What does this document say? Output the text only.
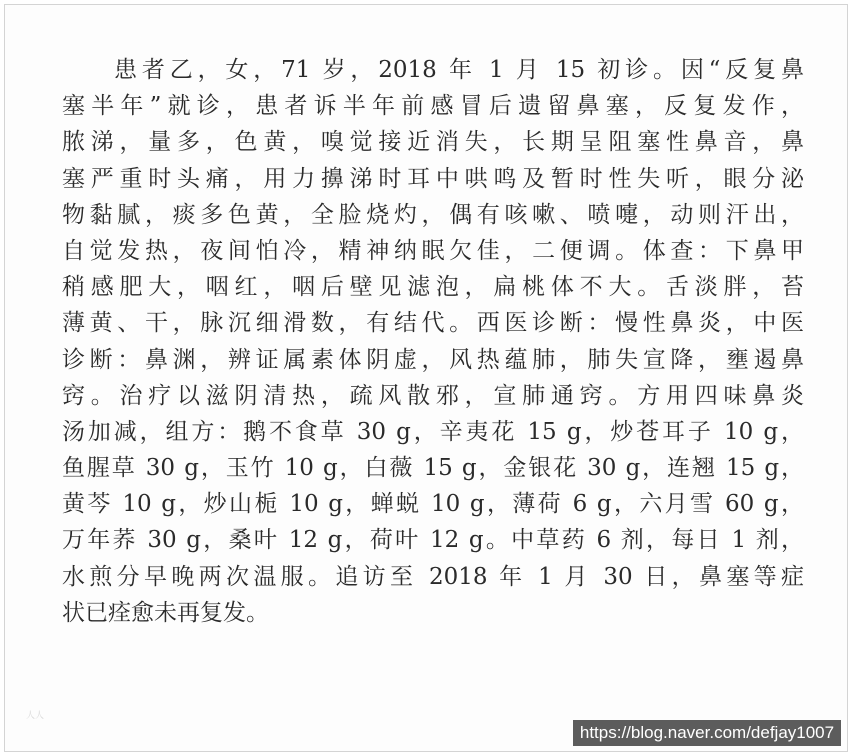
患者乙，女，71 岁，2018 年 1 月 15 初诊。因“反复鼻
塞半年”就诊，患者诉半年前感冒后遗留鼻塞，反复发作，
脓涕，量多，色黄，嗅觉接近消失，长期呈阻塞性鼻音，鼻
塞严重时头痛，用力擤涕时耳中哄鸣及暂时性失听，眼分泌
物黏腻，痰多色黄，全脸烧灼，偶有咳嗽、喷嚏，动则汗出，
自觉发热，夜间怕冷，精神纳眠欠佳，二便调。体查：下鼻甲
稍感肥大，咽红，咽后壁见滤泡，扁桃体不大。舌淡胖，苔
薄黄、干，脉沉细滑数，有结代。西医诊断：慢性鼻炎，中医
诊断：鼻渊，辨证属素体阴虚，风热蕴肺，肺失宣降，壅遏鼻
窍。治疗以滋阴清热，疏风散邪，宣肺通窍。方用四味鼻炎
汤加减，组方：鹅不食草 30 g，辛夷花 15 g，炒苍耳子 10 g，
鱼腥草 30 g，玉竹 10 g，白薇 15 g，金银花 30 g，连翘 15 g，
黄芩 10 g，炒山栀 10 g，蝉蜕 10 g，薄荷 6 g，六月雪 60 g，
万年荞 30 g，桑叶 12 g，荷叶 12 g。中草药 6 剂，每日 1 剂，
水煎分早晚两次温服。追访至 2018 年 1 月 30 日，鼻塞等症
状已痊愈未再复发。
人人
https://blog.naver.com/defjay1007
